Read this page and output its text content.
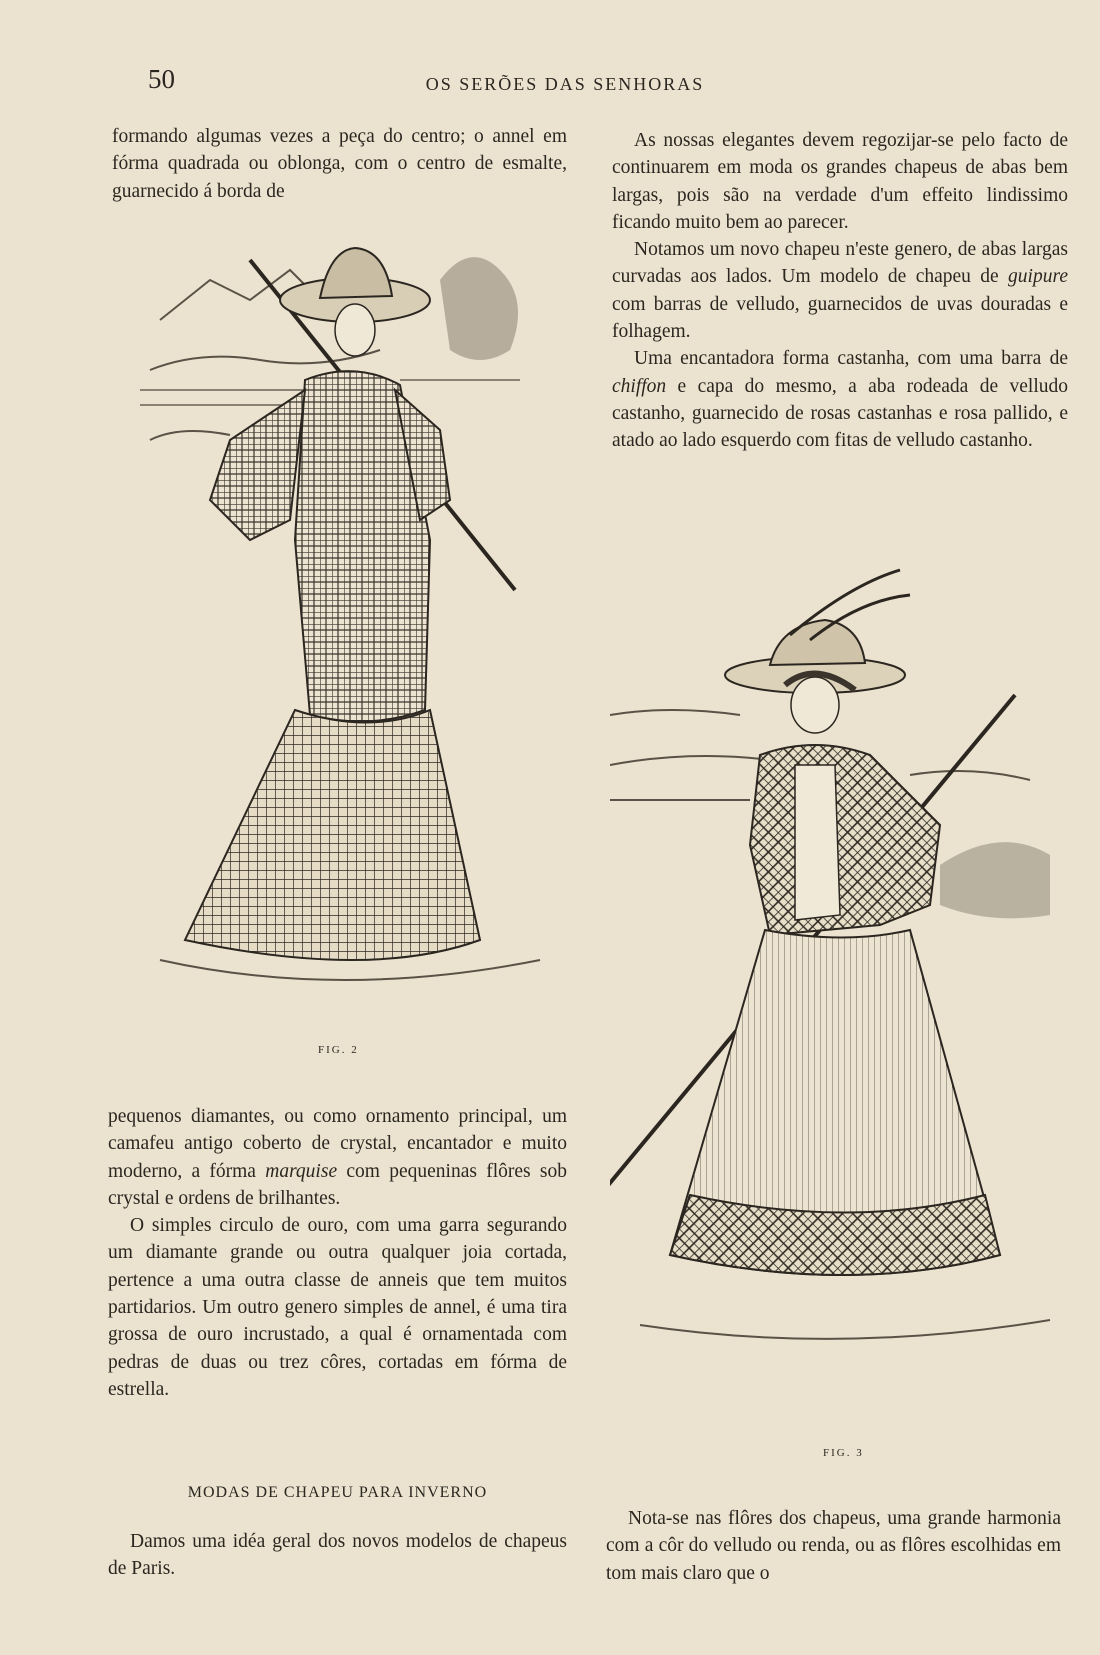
50	OS SERÕES DAS SENHORAS

formando algumas vezes a peça do centro; o annel em fórma quadrada ou oblonga, com o centro de esmalte, guarnecido á borda de

As nossas elegantes devem regozijar-se pelo facto de continuarem em moda os grandes chapeus de abas bem largas, pois são na verdade d'um effeito lindissimo ficando muito bem ao parecer.

Notamos um novo chapeu n'este genero, de abas largas curvadas aos lados. Um modelo de chapeu de guipure com barras de velludo, guarnecidos de uvas douradas e folhagem.

Uma encantadora forma castanha, com uma barra de chiffon e capa do mesmo, a aba rodeada de velludo castanho, guarnecido de rosas castanhas e rosa pallido, e atado ao lado esquerdo com fitas de velludo castanho.

FIG. 2

pequenos diamantes, ou como ornamento principal, um camafeu antigo coberto de crystal, encantador e muito moderno, a fórma marquise com pequeninas flôres sob crystal e ordens de brilhantes.

O simples circulo de ouro, com uma garra segurando um diamante grande ou outra qualquer joia cortada, pertence a uma outra classe de anneis que tem muitos partidarios. Um outro genero simples de annel, é uma tira grossa de ouro incrustado, a qual é ornamentada com pedras de duas ou trez côres, cortadas em fórma de estrella.

MODAS DE CHAPEU PARA INVERNO

Damos uma idéa geral dos novos modelos de chapeus de Paris.

FIG. 3

Nota-se nas flôres dos chapeus, uma grande harmonia com a côr do velludo ou renda, ou as flôres escolhidas em tom mais claro que o
